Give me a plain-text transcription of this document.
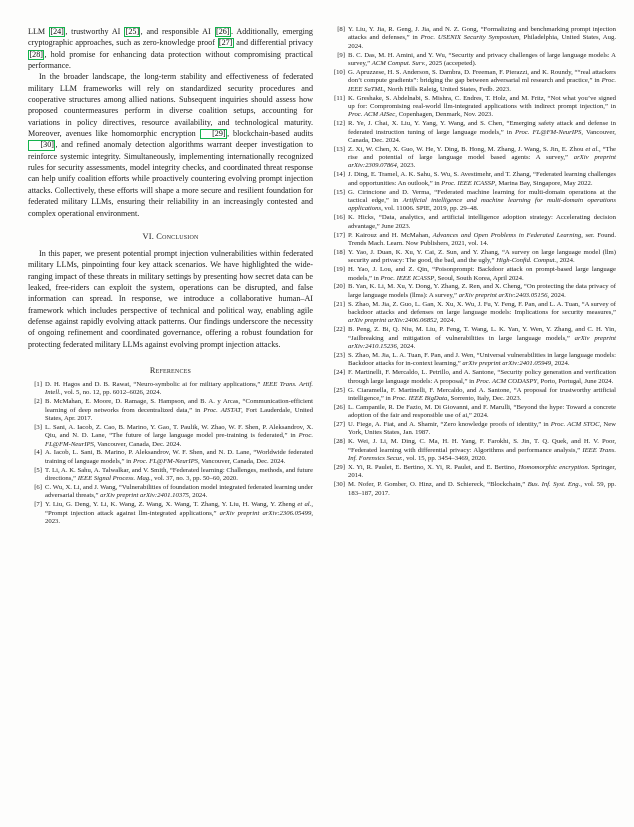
LLM [24], trustworthy AI [25], and responsible AI [26]. Additionally, emerging cryptographic approaches, such as zero-knowledge proof [27] and differential privacy [28], hold promise for enhancing data protection without compromising practical performance.

In the broader landscape, the long-term stability and effectiveness of federated military LLM frameworks will rely on standardized security procedures and cooperative structures among allied nations. Subsequent inquiries should assess how proposed countermeasures perform in diverse coalition setups, accounting for variations in policy directives, resource availability, and technological maturity. Moreover, avenues like homomorphic encryption [29], blockchain-based audits [30], and refined anomaly detection algorithms warrant deeper investigation to reinforce systemic integrity. Simultaneously, implementing internationally recognized rules for security assessments, model integrity checks, and coordinated threat response can help unify coalition efforts while proactively countering evolving prompt injection attacks. Collectively, these efforts will shape a more secure and resilient foundation for federated military LLMs, ensuring their reliability in an increasingly contested and complex operational environment.

VI. Conclusion

In this paper, we present potential prompt injection vulnerabilities within federated military LLMs, pinpointing four key attack scenarios. We have highlighted the wide-ranging impact of these threats in military settings by presenting how secret data can be leaked, free-riders can exploit the system, operations can be disrupted, and false information can spread. In response, we introduce a collaborative human–AI framework which includes perspective of technical and political way, enabling agile defense against rapidly evolving attack patterns. Our findings underscore the necessity of ongoing refinement and coordinated governance, offering a robust foundation for protecting federated military LLMs against evolving prompt injection attacks.

References
[1] D. H. Hagos and D. B. Rawat, “Neuro-symbolic ai for military applications,” IEEE Trans. Artif. Intell., vol. 5, no. 12, pp. 6012–6026, 2024.
[2] B. McMahan, E. Moore, D. Ramage, S. Hampson, and B. A. y Arcas, “Communication-efficient learning of deep networks from decentralized data,” in Proc. AISTAT, Fort Lauderdale, United States, Apr. 2017.
[3] L. Sani, A. Iacob, Z. Cao, B. Marino, Y. Gao, T. Paulik, W. Zhao, W. F. Shen, P. Aleksandrov, X. Qiu, and N. D. Lane, “The future of large language model pre-training is federated,” in Proc. FL@FM-NeurIPS, Vancouver, Canada, Dec. 2024.
[4] A. Iacob, L. Sani, B. Marino, P. Aleksandrov, W. F. Shen, and N. D. Lane, “Worldwide federated training of language models,” in Proc. FL@FM-NeurIPS, Vancouver, Canada, Dec. 2024.
[5] T. Li, A. K. Sahu, A. Talwalkar, and V. Smith, “Federated learning: Challenges, methods, and future directions,” IEEE Signal Process. Mag., vol. 37, no. 3, pp. 50–60, 2020.
[6] C. Wu, X. Li, and J. Wang, “Vulnerabilities of foundation model integrated federated learning under adversarial threats,” arXiv preprint arXiv:2401.10375, 2024.
[7] Y. Liu, G. Deng, Y. Li, K. Wang, Z. Wang, X. Wang, T. Zhang, Y. Liu, H. Wang, Y. Zheng et al., “Prompt injection attack against llm-integrated applications,” arXiv preprint arXiv:2306.05499, 2023.
[8] Y. Liu, Y. Jia, R. Geng, J. Jia, and N. Z. Gong, “Formalizing and benchmarking prompt injection attacks and defenses,” in Proc. USENIX Security Symposium, Philadelphia, United States, Aug. 2024.
[9] B. C. Das, M. H. Amini, and Y. Wu, “Security and privacy challenges of large language models: A survey,” ACM Comput. Surv., 2025 (accepeted).
[10] G. Apruzzese, H. S. Anderson, S. Dambra, D. Freeman, F. Pierazzi, and K. Roundy, ““real attackers don’t compute gradients”: bridging the gap between adversarial ml research and practice,” in Proc. IEEE SaTML, North Hills Raleig, United States, Fedb. 2023.
[11] K. Greshake, S. Abdelnabi, S. Mishra, C. Endres, T. Holz, and M. Fritz, “Not what you’ve signed up for: Compromising real-world llm-integrated applications with indirect prompt injection,” in Proc. ACM AISec, Copenhagen, Denmark, Nov. 2023.
[12] R. Ye, J. Chai, X. Liu, Y. Yang, Y. Wang, and S. Chen, “Emerging safety attack and defense in federated instruction tuning of large language models,” in Proc. FL@FM-NeurIPS, Vancouver, Canada, Dec. 2024.
[13] Z. Xi, W. Chen, X. Guo, W. He, Y. Ding, B. Hong, M. Zhang, J. Wang, S. Jin, E. Zhou et al., “The rise and potential of large language model based agents: A survey,” arXiv preprint arXiv:2309.07864, 2023.
[14] J. Ding, E. Tramel, A. K. Sahu, S. Wu, S. Avestimehr, and T. Zhang, “Federated learning challenges and opportunities: An outlook,” in Proc. IEEE ICASSP, Marina Bay, Singapore, May 2022.
[15] G. Cirincione and D. Verma, “Federated machine learning for multi-domain operations at the tactical edge,” in Artificial intelligence and machine learning for multi-domain operations applications, vol. 11006. SPIE, 2019, pp. 29–48.
[16] K. Hicks, “Data, analytics, and artificial intelligence adoption strategy: Accelerating decision advantage,” June 2023.
[17] P. Kairouz and H. McMahan, Advances and Open Problems in Federated Learning, ser. Found. Trends Mach. Learn. Now Publishers, 2021, vol. 14.
[18] Y. Yao, J. Duan, K. Xu, Y. Cai, Z. Sun, and Y. Zhang, “A survey on large language model (llm) security and privacy: The good, the bad, and the ugly,” High-Confid. Comput., 2024.
[19] H. Yao, J. Lou, and Z. Qin, “Poisonprompt: Backdoor attack on prompt-based large language models,” in Proc. IEEE ICASSP, Seoul, South Korea, April 2024.
[20] B. Yan, K. Li, M. Xu, Y. Dong, Y. Zhang, Z. Ren, and X. Cheng, “On protecting the data privacy of large language models (llms): A survey,” arXiv preprint arXiv:2403.05156, 2024.
[21] S. Zhao, M. Jia, Z. Guo, L. Gan, X. Xu, X. Wu, J. Fu, Y. Feng, F. Pan, and L. A. Tuan, “A survey of backdoor attacks and defenses on large language models: Implications for security measures,” arXiv preprint arXiv:2406.06852, 2024.
[22] B. Peng, Z. Bi, Q. Niu, M. Liu, P. Feng, T. Wang, L. K. Yan, Y. Wen, Y. Zhang, and C. H. Yin, “Jailbreaking and mitigation of vulnerabilities in large language models,” arXiv preprint arXiv:2410.15236, 2024.
[23] S. Zhao, M. Jia, L. A. Tuan, F. Pan, and J. Wen, “Universal vulnerabilities in large language models: Backdoor attacks for in-context learning,” arXiv preprint arXiv:2401.05949, 2024.
[24] F. Martinelli, F. Mercaldo, L. Petrillo, and A. Santone, “Security policy generation and verification through large language models: A proposal,” in Proc. ACM CODASPY, Porto, Portugal, June 2024.
[25] G. Ciaramella, F. Martinelli, F. Mercaldo, and A. Santone, “A proposal for trustworthy artificial intelligence,” in Proc. IEEE BigData, Sorrento, Italy, Dec. 2023.
[26] L. Campanile, R. De Fazio, M. Di Giovanni, and F. Marulli, “Beyond the hype: Toward a concrete adoption of the fair and responsible use of ai,” 2024.
[27] U. Fiege, A. Fiat, and A. Shamir, “Zero knowledge proofs of identity,” in Proc. ACM STOC, New York, Unites States, Jan. 1987.
[28] K. Wei, J. Li, M. Ding, C. Ma, H. H. Yang, F. Farokhi, S. Jin, T. Q. Quek, and H. V. Poor, “Federated learning with differential privacy: Algorithms and performance analysis,” IEEE Trans. Inf. Forensics Secur., vol. 15, pp. 3454–3469, 2020.
[29] X. Yi, R. Paulet, E. Bertino, X. Yi, R. Paulet, and E. Bertino, Homomorphic encryption. Springer, 2014.
[30] M. Nofer, P. Gomber, O. Hinz, and D. Schiereck, “Blockchain,” Bus. Inf. Syst. Eng., vol. 59, pp. 183–187, 2017.
